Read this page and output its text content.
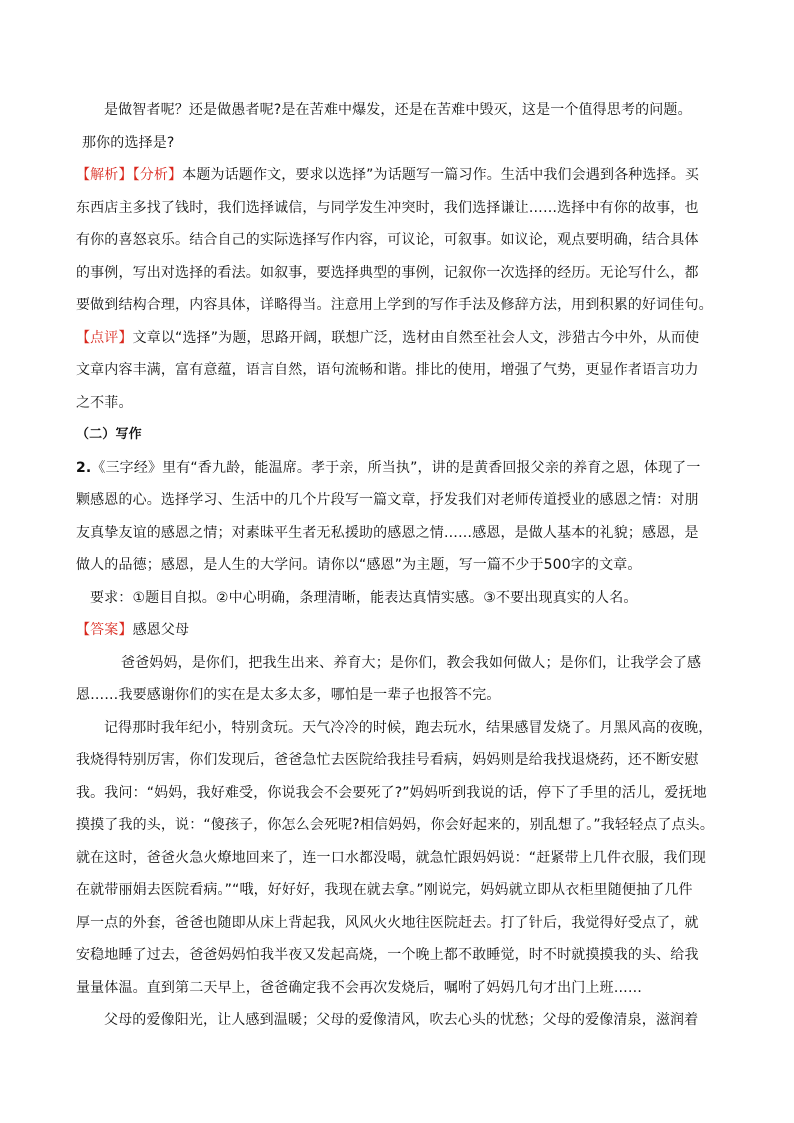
是做智者呢？还是做愚者呢?是在苦难中爆发，还是在苦难中毁灭，这是一个值得思考的问题。
那你的选择是?
【解析】【分析】本题为话题作文，要求以选择”为话题写一篇习作。生活中我们会遇到各种选择。买
东西店主多找了钱时，我们选择诚信，与同学发生冲突时，我们选择谦让……选择中有你的故事，也
有你的喜怒哀乐。结合自己的实际选择写作内容，可议论，可叙事。如议论，观点要明确，结合具体
的事例，写出对选择的看法。如叙事，要选择典型的事例，记叙你一次选择的经历。无论写什么，都
要做到结构合理，内容具体，详略得当。注意用上学到的写作手法及修辞方法，用到积累的好词佳句。
【点评】文章以“选择”为题，思路开阔，联想广泛，选材由自然至社会人文，涉猎古今中外，从而使
文章内容丰满，富有意蕴，语言自然，语句流畅和谐。排比的使用，增强了气势，更显作者语言功力
之不菲。
（二）写作
2.《三字经》里有“香九龄，能温席。孝于亲，所当执”，讲的是黄香回报父亲的养育之恩，体现了一
颗感恩的心。选择学习、生活中的几个片段写一篇文章，抒发我们对老师传道授业的感恩之情：对朋
友真挚友谊的感恩之情；对素昧平生者无私援助的感恩之情……感恩，是做人基本的礼貌；感恩，是
做人的品德；感恩，是人生的大学问。请你以“感恩”为主题，写一篇不少于500字的文章。
要求：①题目自拟。②中心明确，条理清晰，能表达真情实感。③不要出现真实的人名。
【答案】感恩父母
爸爸妈妈，是你们，把我生出来、养育大；是你们，教会我如何做人；是你们，让我学会了感
恩……我要感谢你们的实在是太多太多，哪怕是一辈子也报答不完。
记得那时我年纪小，特别贪玩。天气冷冷的时候，跑去玩水，结果感冒发烧了。月黑风高的夜晚，
我烧得特别厉害，你们发现后，爸爸急忙去医院给我挂号看病，妈妈则是给我找退烧药，还不断安慰
我。我问：“妈妈，我好难受，你说我会不会要死了?”妈妈听到我说的话，停下了手里的活儿，爱抚地
摸摸了我的头，说：“傻孩子，你怎么会死呢?相信妈妈，你会好起来的，别乱想了。”我轻轻点了点头。
就在这时，爸爸火急火燎地回来了，连一口水都没喝，就急忙跟妈妈说：“赶紧带上几件衣服，我们现
在就带丽娟去医院看病。”“哦，好好好，我现在就去拿。”刚说完，妈妈就立即从衣柜里随便抽了几件
厚一点的外套，爸爸也随即从床上背起我，风风火火地往医院赶去。打了针后，我觉得好受点了，就
安稳地睡了过去，爸爸妈妈怕我半夜又发起高烧，一个晚上都不敢睡觉，时不时就摸摸我的头、给我
量量体温。直到第二天早上，爸爸确定我不会再次发烧后，嘱咐了妈妈几句才出门上班……
父母的爱像阳光，让人感到温暖；父母的爱像清风，吹去心头的忧愁；父母的爱像清泉，滋润着
